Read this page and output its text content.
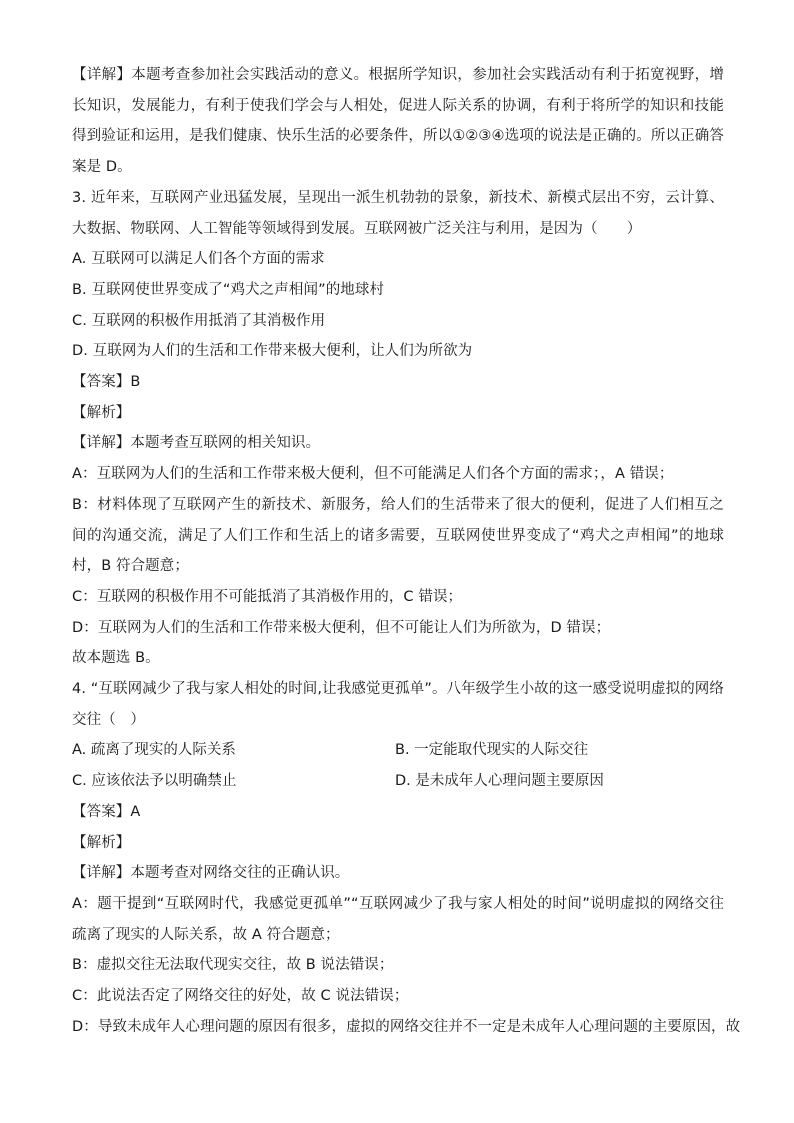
【详解】本题考查参加社会实践活动的意义。根据所学知识，参加社会实践活动有利于拓宽视野，增长知识，发展能力，有利于使我们学会与人相处，促进人际关系的协调，有利于将所学的知识和技能得到验证和运用，是我们健康、快乐生活的必要条件，所以①②③④选项的说法是正确的。所以正确答案是 D。
3. 近年来，互联网产业迅猛发展，呈现出一派生机勃勃的景象，新技术、新模式层出不穷，云计算、大数据、物联网、人工智能等领域得到发展。互联网被广泛关注与利用，是因为（　　）
A. 互联网可以满足人们各个方面的需求
B. 互联网使世界变成了“鸡犬之声相闻”的地球村
C. 互联网的积极作用抵消了其消极作用
D. 互联网为人们的生活和工作带来极大便利，让人们为所欲为
【答案】B
【解析】
【详解】本题考查互联网的相关知识。
A：互联网为人们的生活和工作带来极大便利，但不可能满足人们各个方面的需求；，A 错误；
B：材料体现了互联网产生的新技术、新服务，给人们的生活带来了很大的便利，促进了人们相互之间的沟通交流，满足了人们工作和生活上的诸多需要，互联网使世界变成了“鸡犬之声相闻”的地球村，B 符合题意；
C：互联网的积极作用不可能抵消了其消极作用的，C 错误；
D：互联网为人们的生活和工作带来极大便利，但不可能让人们为所欲为，D 错误；
故本题选 B。
4. “互联网减少了我与家人相处的时间,让我感觉更孤单”。八年级学生小故的这一感受说明虚拟的网络交往（　）
A. 疏离了现实的人际关系	B. 一定能取代现实的人际交往
C. 应该依法予以明确禁止	D. 是未成年人心理问题主要原因
【答案】A
【解析】
【详解】本题考查对网络交往的正确认识。
A：题干提到“互联网时代，我感觉更孤单”“互联网减少了我与家人相处的时间”说明虚拟的网络交往疏离了现实的人际关系，故 A 符合题意；
B：虚拟交往无法取代现实交往，故 B 说法错误；
C：此说法否定了网络交往的好处，故 C 说法错误；
D：导致未成年人心理问题的原因有很多，虚拟的网络交往并不一定是未成年人心理问题的主要原因，故
